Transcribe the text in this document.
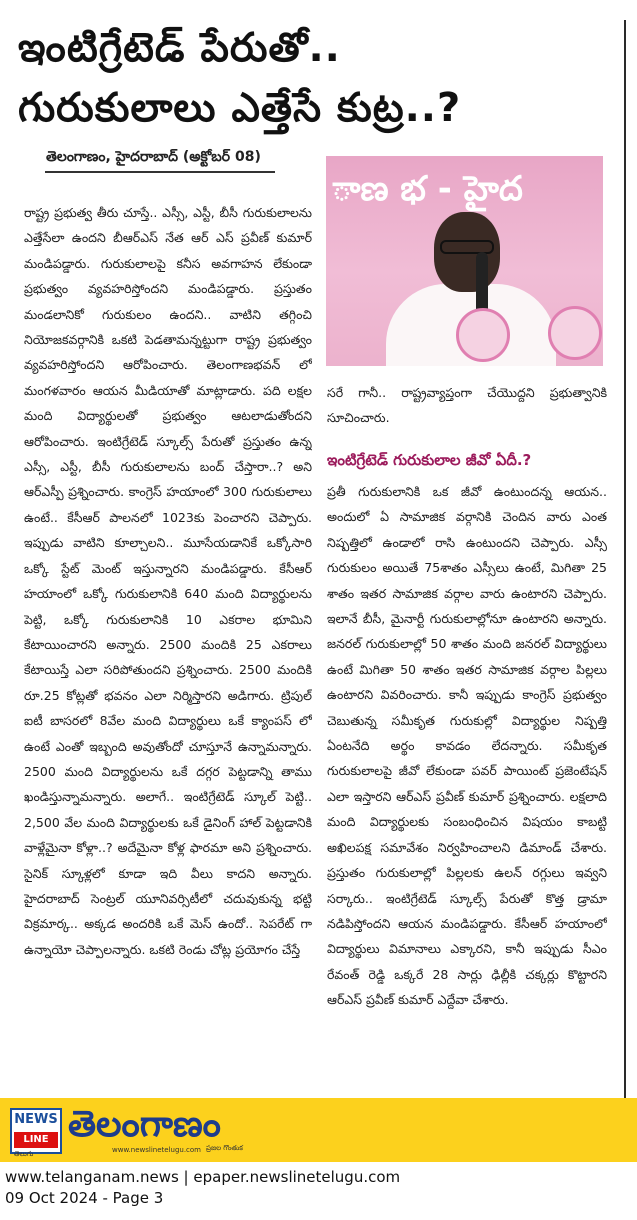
ఇంటిగ్రేటెడ్ పేరుతో..
గురుకులాలు ఎత్తేసే కుట్ర..?
తెలంగాణం, హైదరాబాద్ (అక్టోబర్ 08)

రాష్ట్ర ప్రభుత్వ తీరు చూస్తే.. ఎస్సీ, ఎస్టీ, బీసీ గురుకులాలను ఎత్తేసేలా ఉందని బీఆర్ఎస్ నేత ఆర్ ఎస్ ప్రవీణ్ కుమార్ మండిపడ్డారు. గురుకులాలపై కనీస అవగాహన లేకుండా ప్రభుత్వం వ్యవహరిస్తోందని మండిపడ్డారు. ప్రస్తుతం మండలానికో గురుకులం ఉందని.. వాటిని తగ్గించి నియోజకవర్గానికి ఒకటి పెడతామన్నట్టుగా రాష్ట్ర ప్రభుత్వం వ్యవహరిస్తోందని ఆరోపించారు. తెలంగాణభవన్ లో మంగళవారం ఆయన మీడియాతో మాట్లాడారు. పది లక్షల మంది విద్యార్థులతో ప్రభుత్వం ఆటలాడుతోందని ఆరోపించారు. ఇంటిగ్రేటెడ్ స్కూల్స్ పేరుతో ప్రస్తుతం ఉన్న ఎస్సీ, ఎస్టీ, బీసీ గురుకులాలను బంద్ చేస్తారా..? అని ఆర్ఎస్పీ ప్రశ్నించారు. కాంగ్రెస్ హయాంలో 300 గురుకులాలు ఉంటే.. కేసీఆర్ పాలనలో 1023కు పెంచారని చెప్పారు. ఇప్పుడు వాటిని కూల్చాలని.. మూసేయడానికే ఒక్కోసారి ఒక్కో స్టేట్ మెంట్ ఇస్తున్నారని మండిపడ్డారు. కేసీఆర్ హయాంలో ఒక్కో గురుకులానికి 640 మంది విద్యార్థులను పెట్టి, ఒక్కో గురుకులానికి 10 ఎకరాల భూమిని కేటాయించారని అన్నారు. 2500 మందికి 25 ఎకరాలు కేటాయిస్తే ఎలా సరిపోతుందని ప్రశ్నించారు. 2500 మందికి రూ.25 కోట్లతో భవనం ఎలా నిర్మిస్తారని అడిగారు. ట్రిపుల్ ఐటీ బాసరలో 8వేల మంది విద్యార్థులు ఒకే క్యాంపస్ లో ఉంటే ఎంతో ఇబ్బంది అవుతోందో చూస్తూనే ఉన్నామన్నారు. 2500 మంది విద్యార్థులను ఒకే దగ్గర పెట్టడాన్ని తాము ఖండిస్తున్నామన్నారు. అలాగే.. ఇంటిగ్రేటెడ్ స్కూల్ పెట్టి.. 2,500 వేల మంది విద్యార్థులకు ఒకే డైనింగ్ హాల్ పెట్టడానికి వాళ్లేమైనా కోళ్లా..? అదేమైనా కోళ్ల ఫారమా అని ప్రశ్నించారు. సైనిక్ స్కూళ్లలో కూడా ఇది వీలు కాదని అన్నారు. హైదరాబాద్ సెంట్రల్ యూనివర్సిటీలో చదువుకున్న భట్టి విక్రమార్క.. అక్కడ అందరికి ఒకే మెస్ ఉందో.. సెపరేట్ గా ఉన్నాయో చెప్పాలన్నారు. ఒకటి రెండు చోట్ల ప్రయోగం చేస్తే

ాణ భ - హైద

సరే గానీ.. రాష్ట్రవ్యాప్తంగా చేయొద్దని ప్రభుత్వానికి సూచించారు.

ఇంటిగ్రేటెడ్ గురుకులాల జీవో ఏదీ.?

ప్రతీ గురుకులానికి ఒక జీవో ఉంటుందన్న ఆయన.. అందులో ఏ సామాజిక వర్గానికి చెందిన వారు ఎంత నిష్పత్తిలో ఉండాలో రాసి ఉంటుందని చెప్పారు. ఎస్సీ గురుకులం అయితే 75శాతం ఎస్సీలు ఉంటే, మిగితా 25 శాతం ఇతర సామాజిక వర్గాల వారు ఉంటారని చెప్పారు. ఇలానే బీసీ, మైనార్టీ గురుకులాల్లోనూ ఉంటారని అన్నారు. జనరల్ గురుకులాల్లో 50 శాతం మంది జనరల్ విద్యార్థులు ఉంటే మిగితా 50 శాతం ఇతర సామాజిక వర్గాల పిల్లలు ఉంటారని వివరించారు. కానీ ఇప్పుడు కాంగ్రెస్ ప్రభుత్వం చెబుతున్న సమీకృత గురుకుల్లో విద్యార్థుల నిష్పత్తి ఏంటనేది అర్థం కావడం లేదన్నారు. సమీకృత గురుకులాలపై జీవో లేకుండా పవర్ పాయింట్ ప్రజెంటేషన్ ఎలా ఇస్తారని ఆర్ఎస్ ప్రవీణ్ కుమార్ ప్రశ్నించారు. లక్షలాది మంది విద్యార్థులకు సంబంధించిన విషయం కాబట్టి అఖిలపక్ష సమావేశం నిర్వహించాలని డిమాండ్ చేశారు. ప్రస్తుతం గురుకులాల్లో పిల్లలకు ఉలన్ రగ్గులు ఇవ్వని సర్కారు.. ఇంటిగ్రేటెడ్ స్కూల్స్ పేరుతో కొత్త డ్రామా నడిపిస్తోందని ఆయన మండిపడ్డారు. కేసీఆర్ హయాంలో విద్యార్థులు విమానాలు ఎక్కారని, కానీ ఇప్పుడు సీఎం రేవంత్ రెడ్డి ఒక్కరే 28 సార్లు ఢిల్లీకి చక్కర్లు కొట్టారని ఆర్ఎస్ ప్రవీణ్ కుమార్ ఎద్దేవా చేశారు.

NEWS
LINE
తెలుగు
తెలంగాణం
www.newslinetelugu.com ప్రజల గొంతుక
www.telanganam.news | epaper.newslinetelugu.com
09 Oct 2024 - Page 3
